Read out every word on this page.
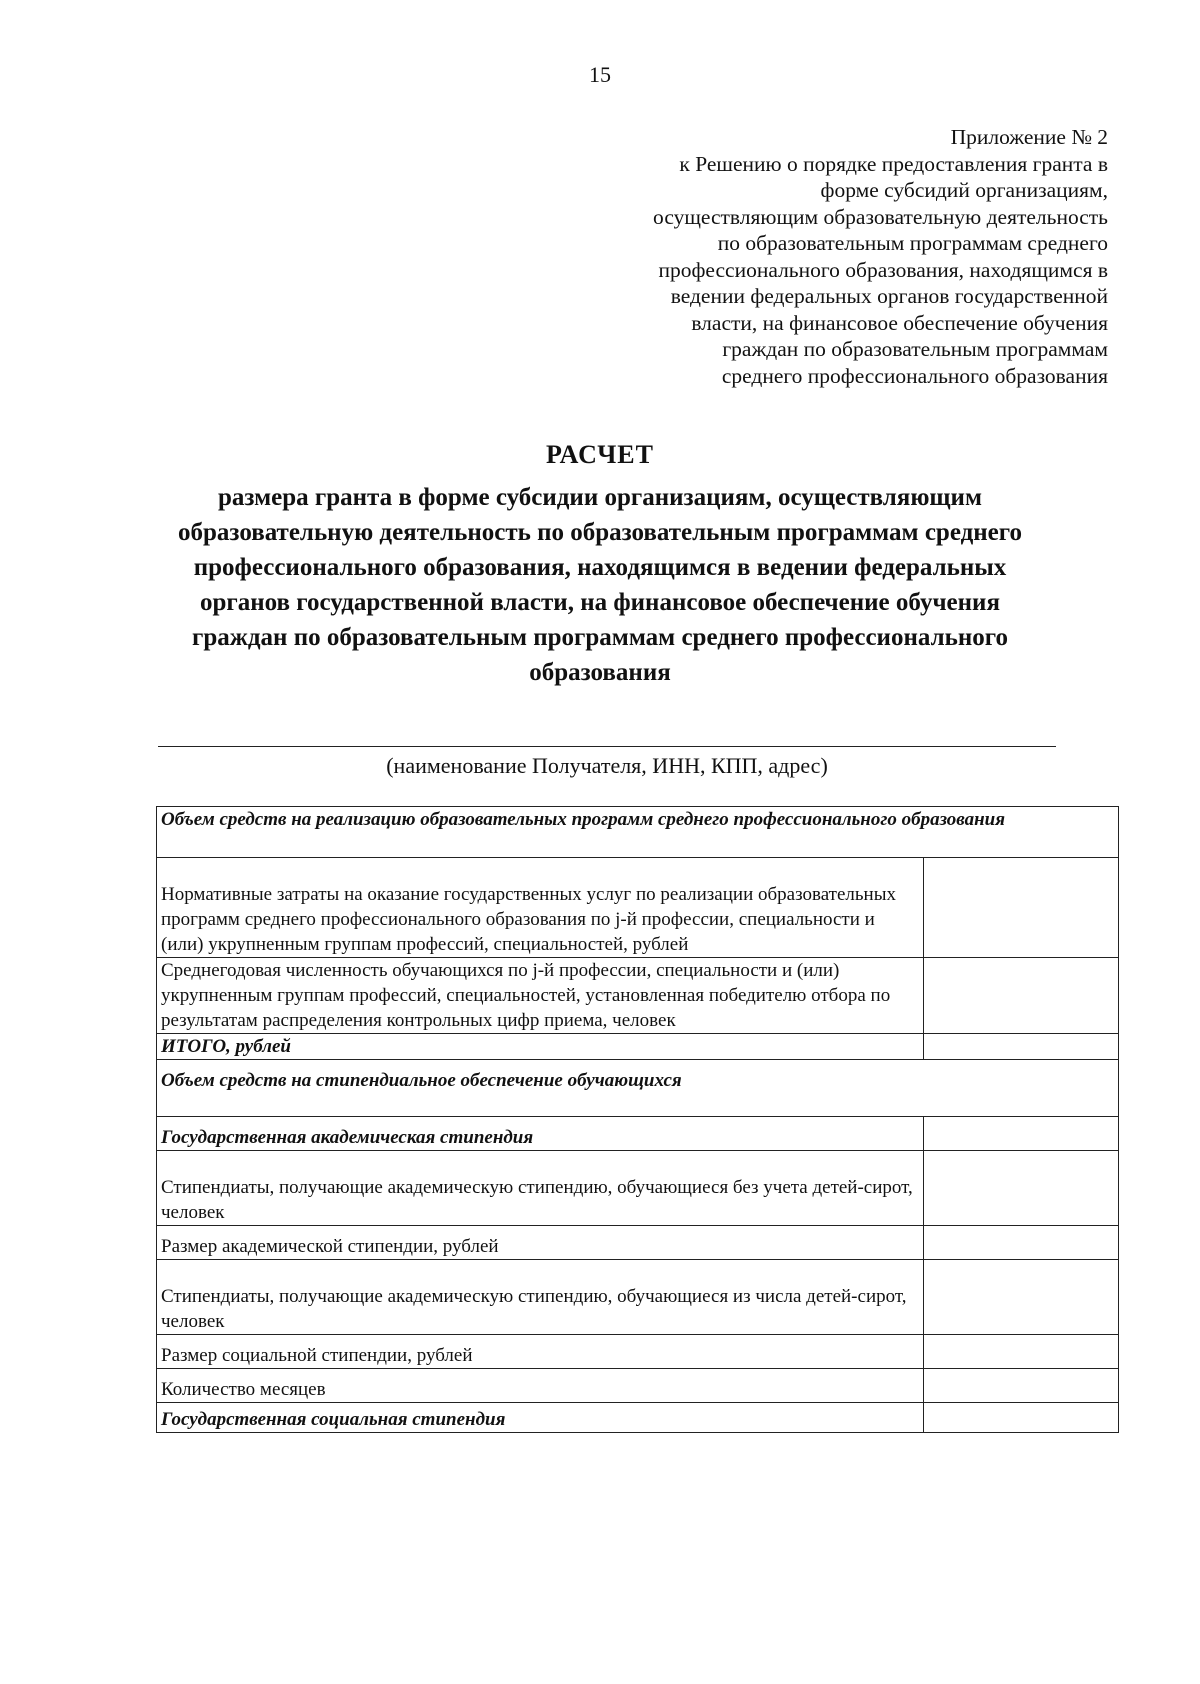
15
Приложение № 2
к Решению о порядке предоставления гранта в
форме субсидий организациям,
осуществляющим образовательную деятельность
по образовательным программам среднего
профессионального образования, находящимся в
ведении федеральных органов государственной
власти, на финансовое обеспечение обучения
граждан по образовательным программам
среднего профессионального образования
РАСЧЕТ
размера гранта в форме субсидии организациям, осуществляющим
образовательную деятельность по образовательным программам среднего
профессионального образования, находящимся в ведении федеральных
органов государственной власти, на финансовое обеспечение обучения
граждан по образовательным программам среднего профессионального
образования
(наименование Получателя, ИНН, КПП, адрес)
Объем средств на реализацию образовательных программ среднего профессионального образования	
Нормативные затраты на оказание государственных услуг по реализации образовательных программ среднего профессионального образования по j-й профессии, специальности и (или) укрупненным группам профессий, специальностей, рублей	
Среднегодовая численность обучающихся по j-й профессии, специальности и (или) укрупненным группам профессий, специальностей, установленная победителю отбора по результатам распределения контрольных цифр приема, человек	
ИТОГО, рублей	
Объем средств на стипендиальное обеспечение обучающихся	
Государственная академическая стипендия	
Стипендиаты, получающие академическую стипендию, обучающиеся без учета детей-сирот, человек	
Размер академической стипендии, рублей	
Стипендиаты, получающие академическую стипендию, обучающиеся из числа детей-сирот, человек	
Размер социальной стипендии, рублей	
Количество месяцев	
Государственная социальная стипендия	
